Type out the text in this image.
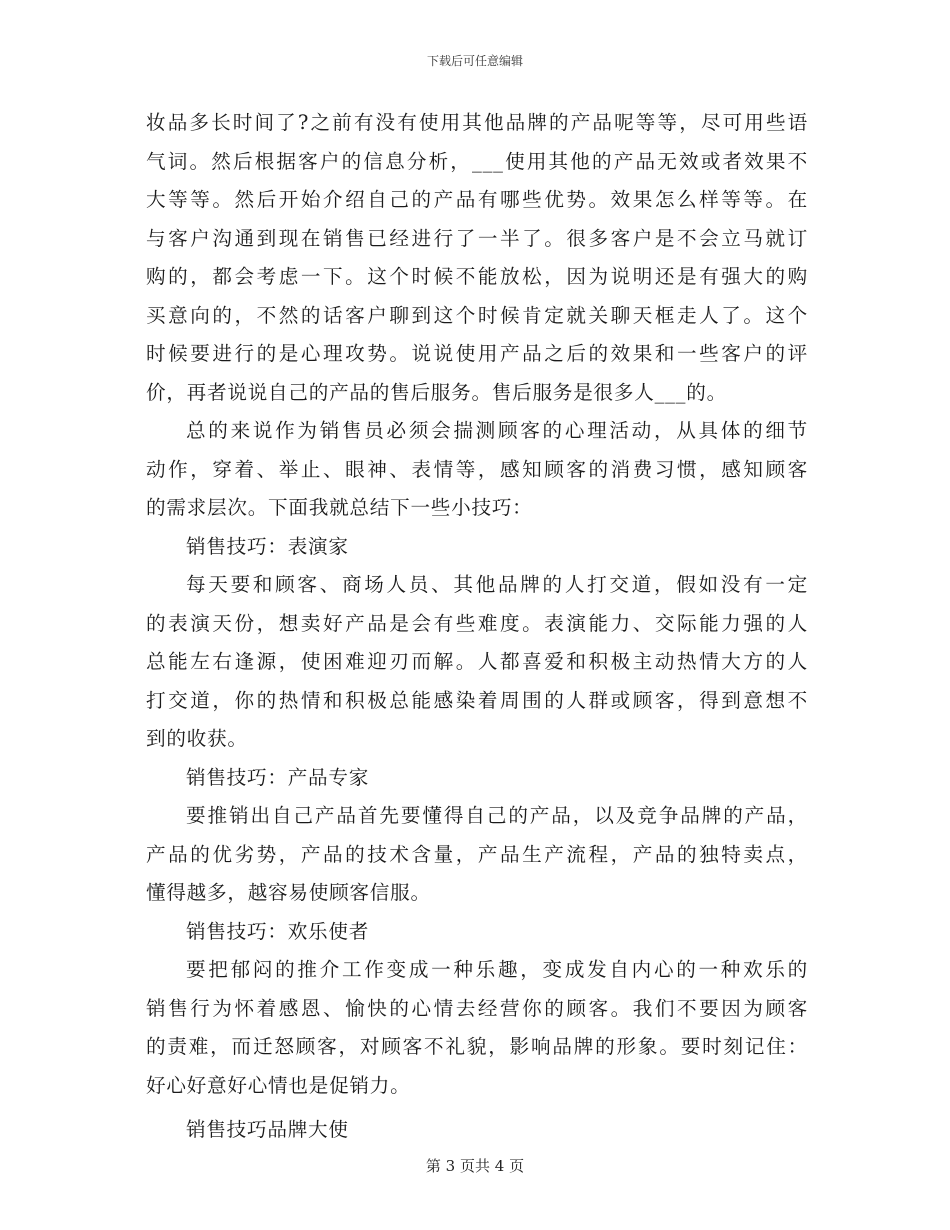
下载后可任意编辑
妆品多长时间了?之前有没有使用其他品牌的产品呢等等，尽可用些语
气词。然后根据客户的信息分析，___使用其他的产品无效或者效果不
大等等。然后开始介绍自己的产品有哪些优势。效果怎么样等等。在
与客户沟通到现在销售已经进行了一半了。很多客户是不会立马就订
购的，都会考虑一下。这个时候不能放松，因为说明还是有强大的购
买意向的，不然的话客户聊到这个时候肯定就关聊天框走人了。这个
时候要进行的是心理攻势。说说使用产品之后的效果和一些客户的评
价，再者说说自己的产品的售后服务。售后服务是很多人___的。
总的来说作为销售员必须会揣测顾客的心理活动，从具体的细节
动作，穿着、举止、眼神、表情等，感知顾客的消费习惯，感知顾客
的需求层次。下面我就总结下一些小技巧：
销售技巧：表演家
每天要和顾客、商场人员、其他品牌的人打交道，假如没有一定
的表演天份，想卖好产品是会有些难度。表演能力、交际能力强的人
总能左右逢源，使困难迎刃而解。人都喜爱和积极主动热情大方的人
打交道，你的热情和积极总能感染着周围的人群或顾客，得到意想不
到的收获。
销售技巧：产品专家
要推销出自己产品首先要懂得自己的产品，以及竞争品牌的产品，
产品的优劣势，产品的技术含量，产品生产流程，产品的独特卖点，
懂得越多，越容易使顾客信服。
销售技巧：欢乐使者
要把郁闷的推介工作变成一种乐趣，变成发自内心的一种欢乐的
销售行为怀着感恩、愉快的心情去经营你的顾客。我们不要因为顾客
的责难，而迁怒顾客，对顾客不礼貌，影响品牌的形象。要时刻记住：
好心好意好心情也是促销力。
销售技巧品牌大使
第 3 页共 4 页
